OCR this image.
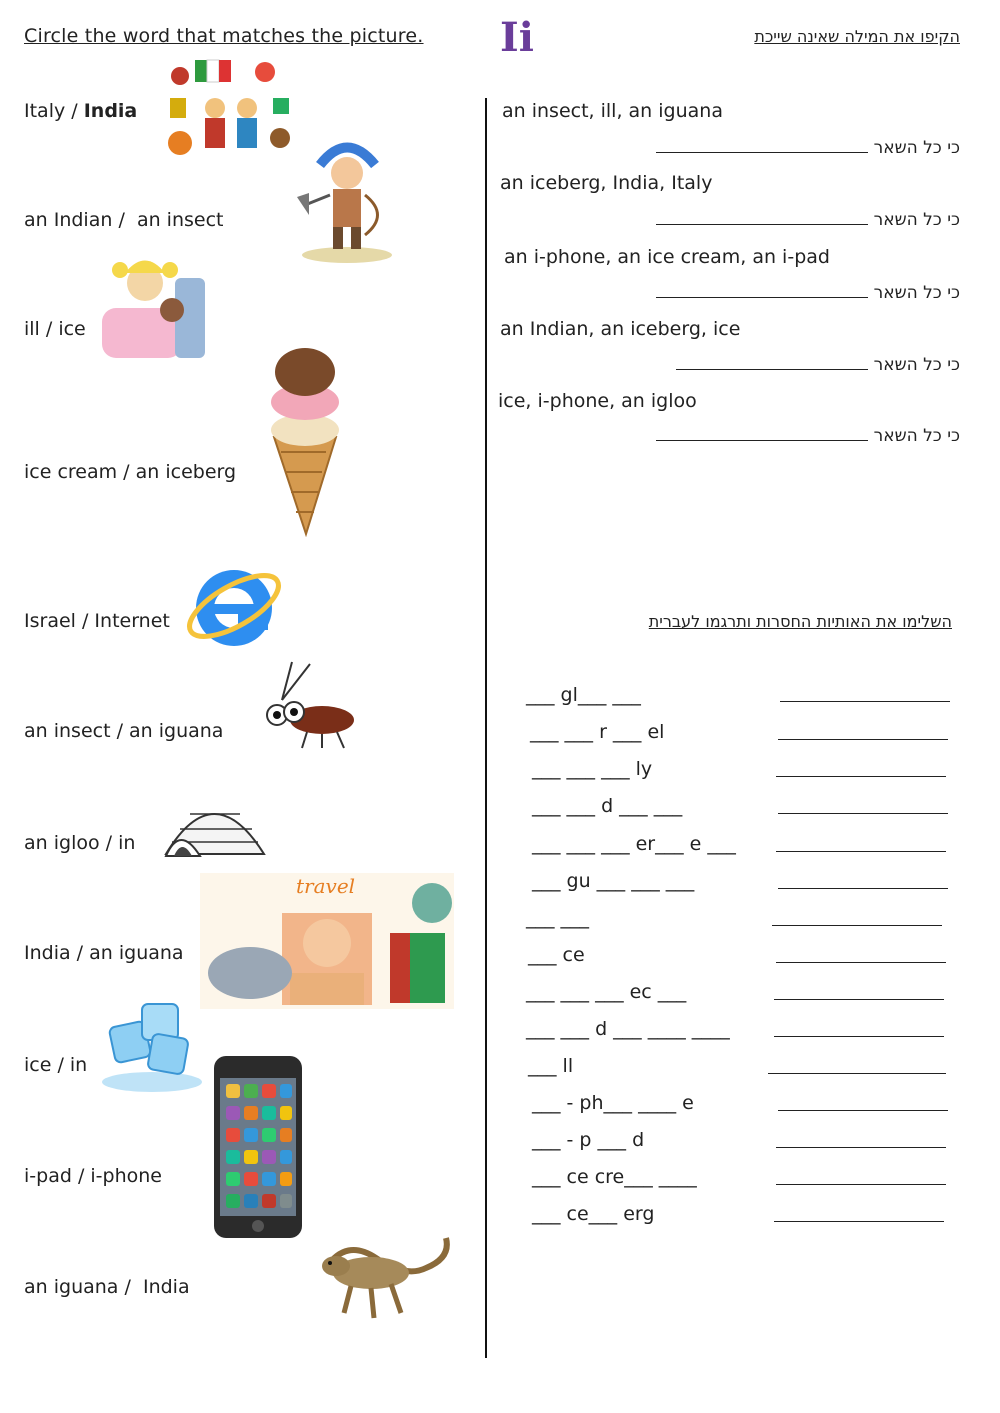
Circle the word that matches the picture. Ii	הקיפו את המילה שאינה שייכת
Italy / India
an Indian /  an insect
ill / ice
ice cream / an iceberg
Israel / Internet
an insect / an iguana
an igloo / in
India / an iguana
ice / in
i-pad / i-phone
an iguana /  India
travel
an insect, ill, an iguana
כי כל השאר
an iceberg, India, Italy
כי כל השאר
an i-phone, an ice cream, an i-pad
כי כל השאר
an Indian, an iceberg, ice
כי כל השאר
ice, i-phone, an igloo
כי כל השאר
השלימו את האותיות החסרות ותרגמו לעברית
___ gl___ ___
___ ___ r ___ el
___ ___ ___ ly
___ ___ d ___ ___
___ ___ ___ er___ e ___
___ gu ___ ___ ___
___ ___
___ ce
___ ___ ___ ec ___
___ ___ d ___ ____ ____
___ ll
___ - ph___ ____ e
___ - p ___ d
___ ce cre___ ____
___ ce___ erg
